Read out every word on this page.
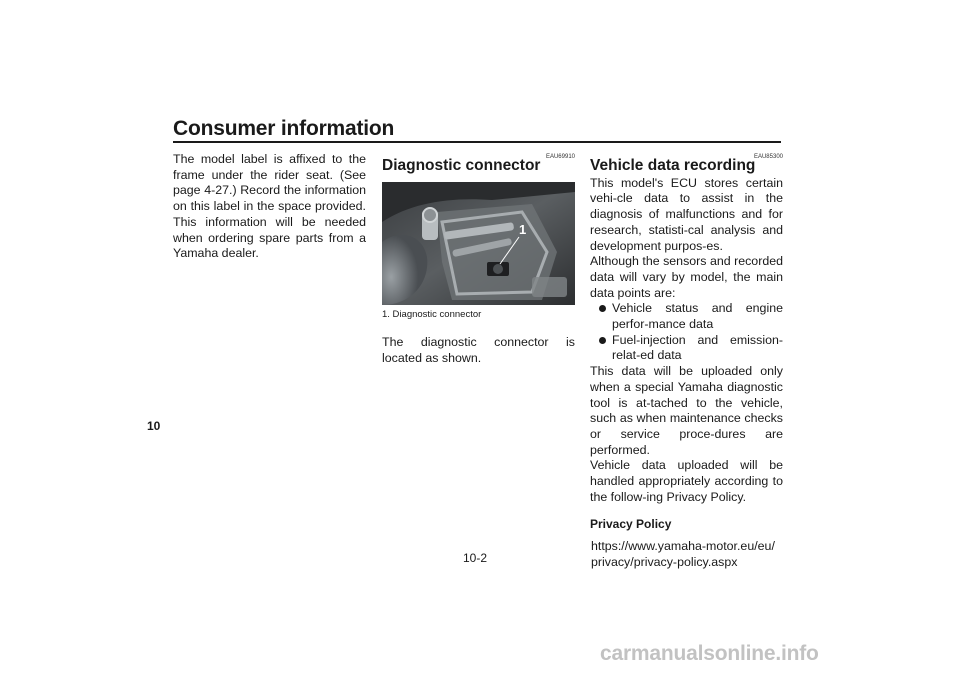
Consumer information
10
The model label is affixed to the frame under the rider seat. (See page 4-27.) Record the information on this label in the space provided. This information will be needed when ordering spare parts from a Yamaha dealer.
EAU69910
Diagnostic connector
1
1. Diagnostic connector

The diagnostic connector is located as shown.

EAU85300
Vehicle data recording

This model's ECU stores certain vehi-cle data to assist in the diagnosis of malfunctions and for research, statisti-cal analysis and development purpos-es.

Although the sensors and recorded data will vary by model, the main data points are:

Vehicle status and engine perfor-mance data
Fuel-injection and emission-relat-ed data

This data will be uploaded only when a special Yamaha diagnostic tool is at-tached to the vehicle, such as when maintenance checks or service proce-dures are performed.

Vehicle data uploaded will be handled appropriately according to the follow-ing Privacy Policy.

Privacy Policy
https://www.yamaha-motor.eu/eu/
privacy/privacy-policy.aspx
10-2
carmanualsonline.info
